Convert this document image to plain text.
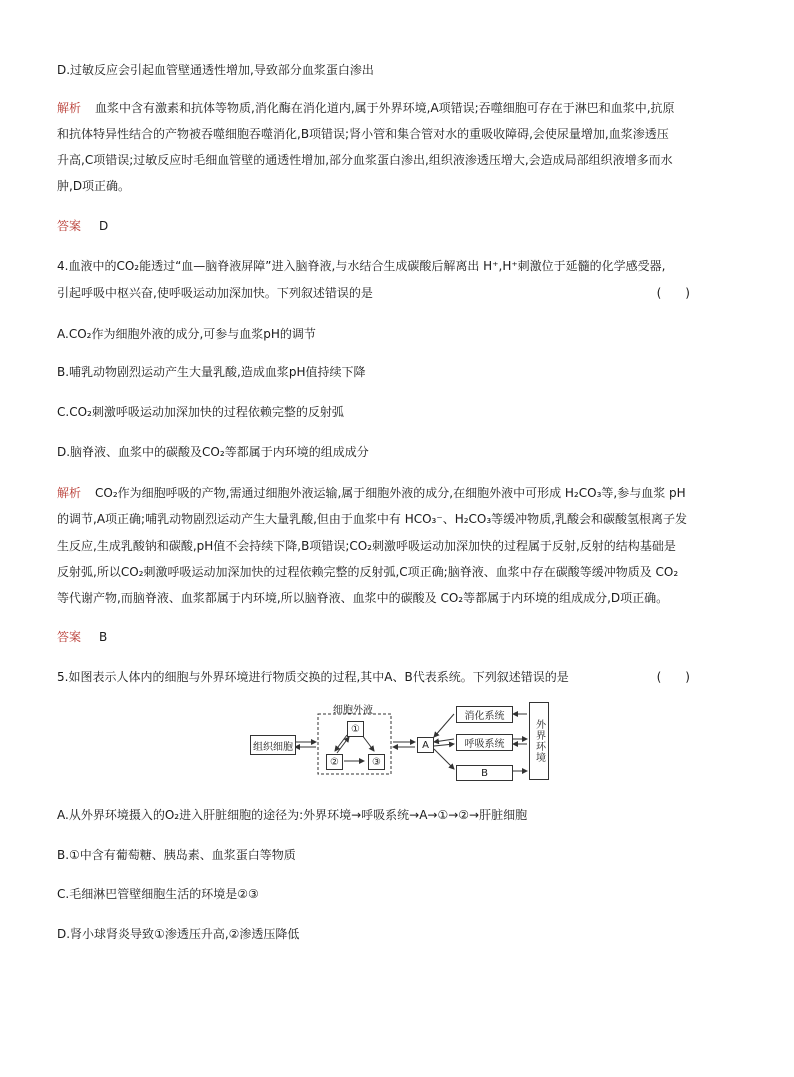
D.过敏反应会引起血管壁通透性增加,导致部分血浆蛋白渗出
解析 血浆中含有激素和抗体等物质,消化酶在消化道内,属于外界环境,A项错误;吞噬细胞可存在于淋巴和血浆中,抗原
和抗体特异性结合的产物被吞噬细胞吞噬消化,B项错误;肾小管和集合管对水的重吸收障碍,会使尿量增加,血浆渗透压
升高,C项错误;过敏反应时毛细血管壁的通透性增加,部分血浆蛋白渗出,组织液渗透压增大,会造成局部组织液增多而水
肿,D项正确。
答案 D
4.血液中的CO₂能透过“血—脑脊液屏障”进入脑脊液,与水结合生成碳酸后解离出 H⁺,H⁺刺激位于延髓的化学感受器,
引起呼吸中枢兴奋,使呼吸运动加深加快。下列叙述错误的是	(　　)
A.CO₂作为细胞外液的成分,可参与血浆pH的调节
B.哺乳动物剧烈运动产生大量乳酸,造成血浆pH值持续下降
C.CO₂刺激呼吸运动加深加快的过程依赖完整的反射弧
D.脑脊液、血浆中的碳酸及CO₂等都属于内环境的组成成分
解析 CO₂作为细胞呼吸的产物,需通过细胞外液运输,属于细胞外液的成分,在细胞外液中可形成 H₂CO₃等,参与血浆 pH
的调节,A项正确;哺乳动物剧烈运动产生大量乳酸,但由于血浆中有 HCO₃⁻、H₂CO₃等缓冲物质,乳酸会和碳酸氢根离子发
生反应,生成乳酸钠和碳酸,pH值不会持续下降,B项错误;CO₂刺激呼吸运动加深加快的过程属于反射,反射的结构基础是
反射弧,所以CO₂刺激呼吸运动加深加快的过程依赖完整的反射弧,C项正确;脑脊液、血浆中存在碳酸等缓冲物质及 CO₂
等代谢产物,而脑脊液、血浆都属于内环境,所以脑脊液、血浆中的碳酸及 CO₂等都属于内环境的组成成分,D项正确。
答案 B
5.如图表示人体内的细胞与外界环境进行物质交换的过程,其中A、B代表系统。下列叙述错误的是	(　　)
组织细胞
细胞外液
①
②	③
A
消化系统
呼吸系统
B
外界环境
A.从外界环境摄入的O₂进入肝脏细胞的途径为:外界环境→呼吸系统→A→①→②→肝脏细胞
B.①中含有葡萄糖、胰岛素、血浆蛋白等物质
C.毛细淋巴管壁细胞生活的环境是②③
D.肾小球肾炎导致①渗透压升高,②渗透压降低
